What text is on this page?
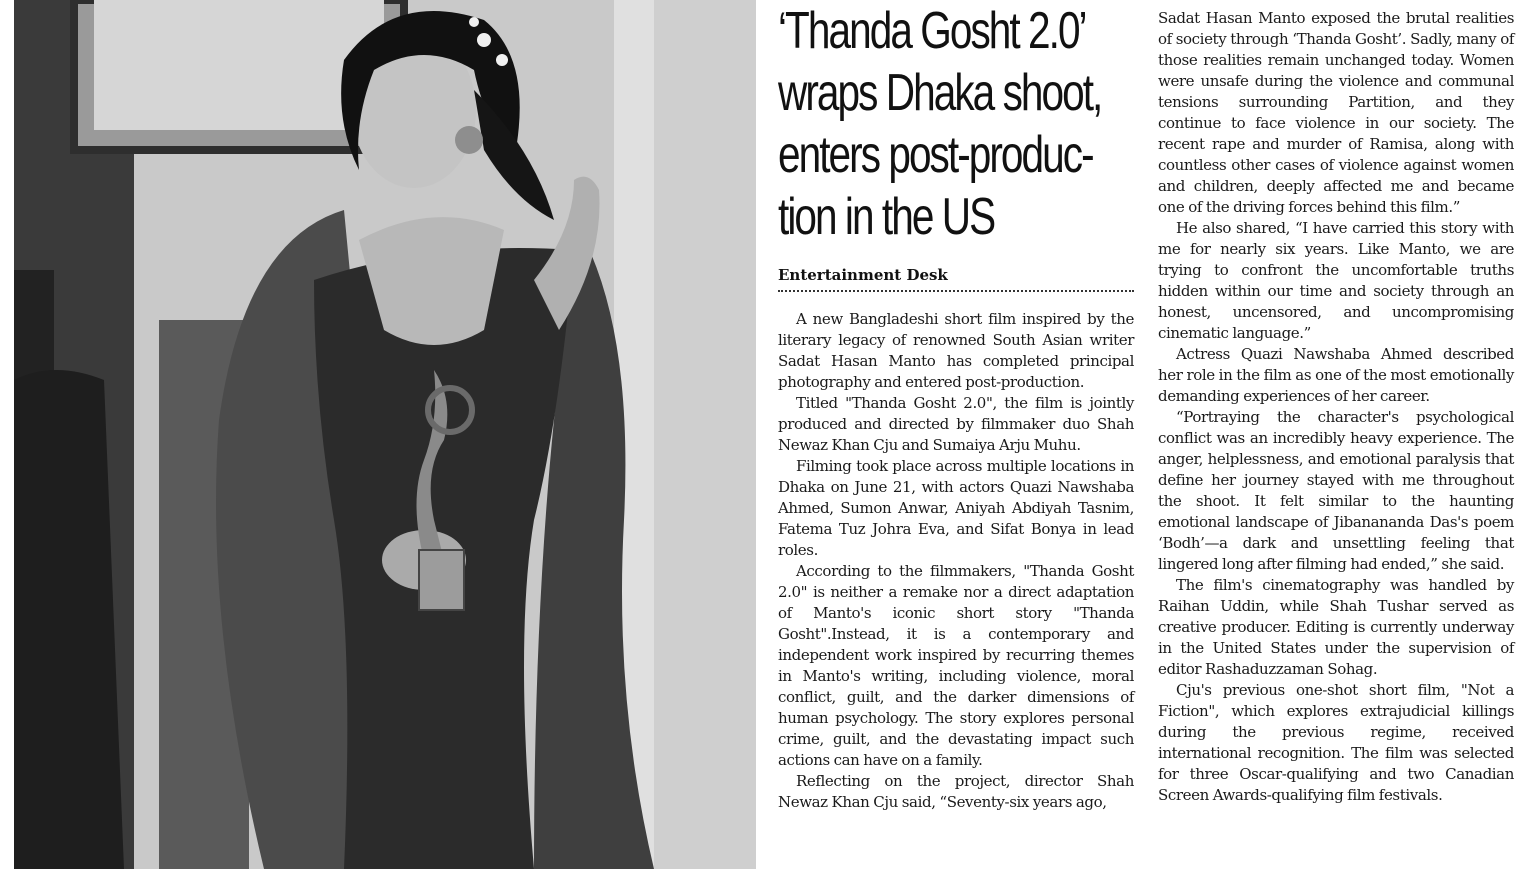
‘Thanda Gosht 2.0’
wraps Dhaka shoot,
enters post-produc-
tion in the US
Entertainment Desk

A new Bangladeshi short film inspired by the literary legacy of renowned South Asian writer Sadat Hasan Manto has completed principal photography and entered post-production.

Titled "Thanda Gosht 2.0", the film is jointly produced and directed by filmmaker duo Shah Newaz Khan Cju and Sumaiya Arju Muhu.

Filming took place across multiple locations in Dhaka on June 21, with actors Quazi Nawshaba Ahmed, Sumon Anwar, Aniyah Abdiyah Tasnim, Fatema Tuz Johra Eva, and Sifat Bonya in lead roles.

According to the filmmakers, "Thanda Gosht 2.0" is neither a remake nor a direct adaptation of Manto's iconic short story "Thanda Gosht".Instead, it is a contemporary and independent work inspired by recurring themes in Manto's writing, including violence, moral conflict, guilt, and the darker dimensions of human psychology. The story explores personal crime, guilt, and the devastating impact such actions can have on a family.

Reflecting on the project, director Shah Newaz Khan Cju said, “Seventy-six years ago,

Sadat Hasan Manto exposed the brutal realities of society through ‘Thanda Gosht’. Sadly, many of those realities remain unchanged today. Women were unsafe during the violence and communal tensions surrounding Partition, and they continue to face violence in our society. The recent rape and murder of Ramisa, along with countless other cases of violence against women and children, deeply affected me and became one of the driving forces behind this film.”

He also shared, “I have carried this story with me for nearly six years. Like Manto, we are trying to confront the uncomfortable truths hidden within our time and society through an honest, uncensored, and uncompromising cinematic language.”

Actress Quazi Nawshaba Ahmed described her role in the film as one of the most emotionally demanding experiences of her career.

“Portraying the character's psychological conflict was an incredibly heavy experience. The anger, helplessness, and emotional paralysis that define her journey stayed with me throughout the shoot. It felt similar to the haunting emotional landscape of Jibanananda Das's poem ‘Bodh’—a dark and unsettling feeling that lingered long after filming had ended,” she said.

The film's cinematography was handled by Raihan Uddin, while Shah Tushar served as creative producer. Editing is currently underway in the United States under the supervision of editor Rashaduzzaman Sohag.

Cju's previous one-shot short film, "Not a Fiction", which explores extrajudicial killings during the previous regime, received international recognition. The film was selected for three Oscar-qualifying and two Canadian Screen Awards-qualifying film festivals.
